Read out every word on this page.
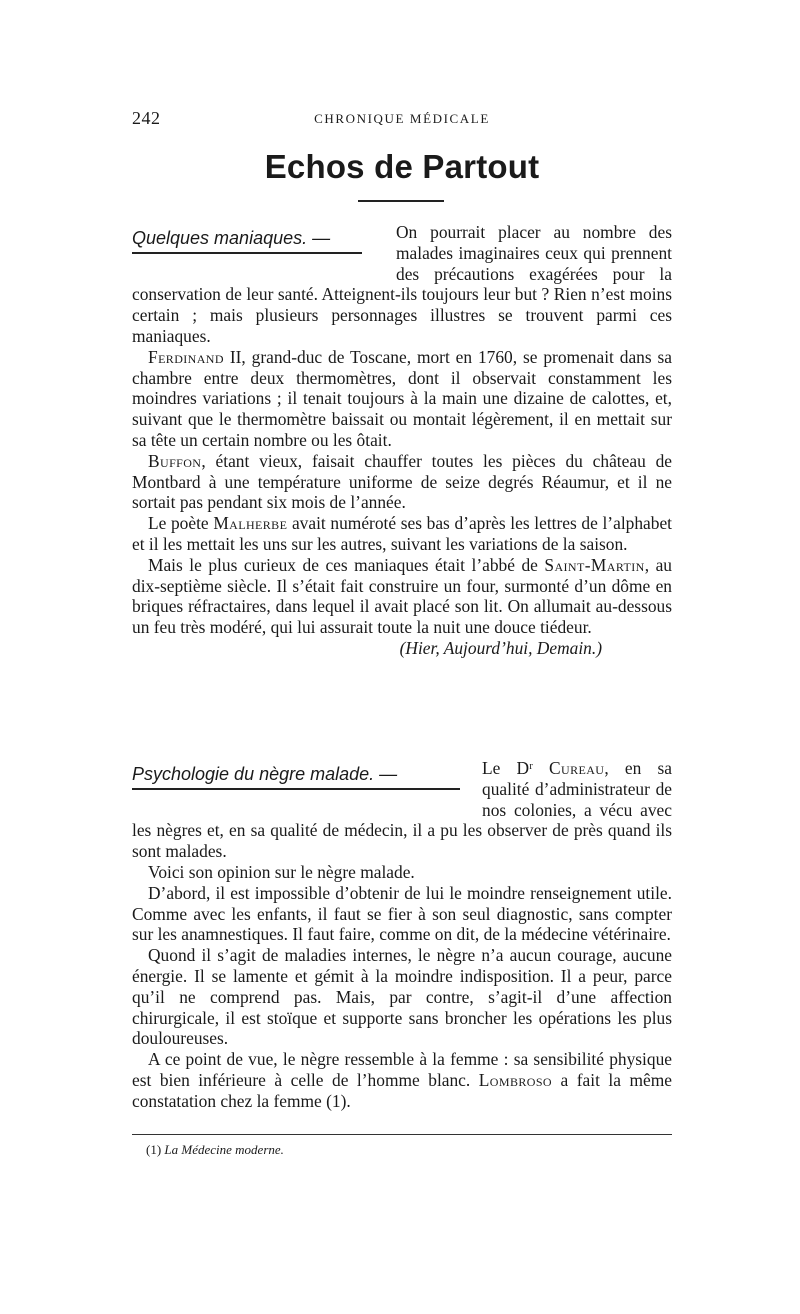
242	CHRONIQUE MÉDICALE
Echos de Partout
Quelques maniaques. —	On pourrait placer au nombre des malades imaginaires ceux qui prennent des précautions exagérées pour la conservation de leur santé. Atteignent-ils toujours leur but ? Rien n’est moins certain ; mais plusieurs personnages illustres se trouvent parmi ces maniaques.

Ferdinand II, grand-duc de Toscane, mort en 1760, se promenait dans sa chambre entre deux thermomètres, dont il observait constamment les moindres variations ; il tenait toujours à la main une dizaine de calottes, et, suivant que le thermomètre baissait ou montait légèrement, il en mettait sur sa tête un certain nombre ou les ôtait.

Buffon, étant vieux, faisait chauffer toutes les pièces du château de Montbard à une température uniforme de seize degrés Réaumur, et il ne sortait pas pendant six mois de l’année.

Le poète Malherbe avait numéroté ses bas d’après les lettres de l’alphabet et il les mettait les uns sur les autres, suivant les variations de la saison.

Mais le plus curieux de ces maniaques était l’abbé de Saint-Martin, au dix-septième siècle. Il s’était fait construire un four, surmonté d’un dôme en briques réfractaires, dans lequel il avait placé son lit. On allumait au-dessous un feu très modéré, qui lui assurait toute la nuit une douce tiédeur.

(Hier, Aujourd’hui, Demain.)

Psychologie du nègre malade. —	Le Dʳ Cureau, en sa qualité d’administrateur de nos colonies, a vécu avec les nègres et, en sa qualité de médecin, il a pu les observer de près quand ils sont malades.

Voici son opinion sur le nègre malade.

D’abord, il est impossible d’obtenir de lui le moindre renseignement utile. Comme avec les enfants, il faut se fier à son seul diagnostic, sans compter sur les anamnestiques. Il faut faire, comme on dit, de la médecine vétérinaire.

Quond il s’agit de maladies internes, le nègre n’a aucun courage, aucune énergie. Il se lamente et gémit à la moindre indisposition. Il a peur, parce qu’il ne comprend pas. Mais, par contre, s’agit-il d’une affection chirurgicale, il est stoïque et supporte sans broncher les opérations les plus douloureuses.

A ce point de vue, le nègre ressemble à la femme : sa sensibilité physique est bien inférieure à celle de l’homme blanc. Lombroso a fait la même constatation chez la femme (1).

(1) La Médecine moderne.
